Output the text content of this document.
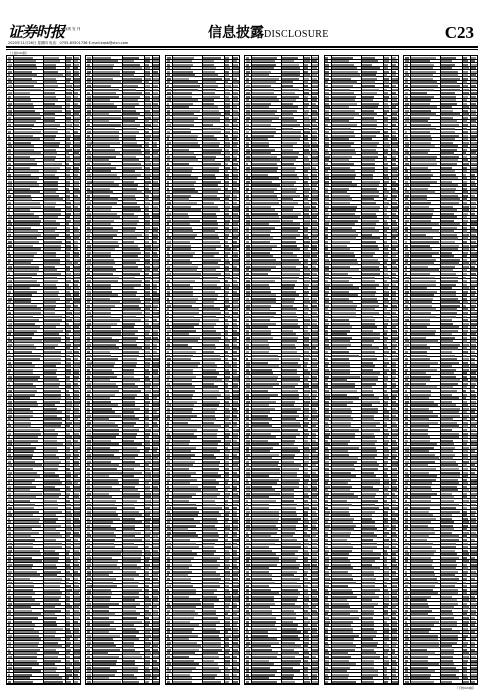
证券时报 深圳 发 刊
2020年11月26日 星期四 电话：0755-83501736 E-mail:zqsb@stcn.com
信息披露DISCLOSURE	C23
（上接C22版）
（下转C24版）
